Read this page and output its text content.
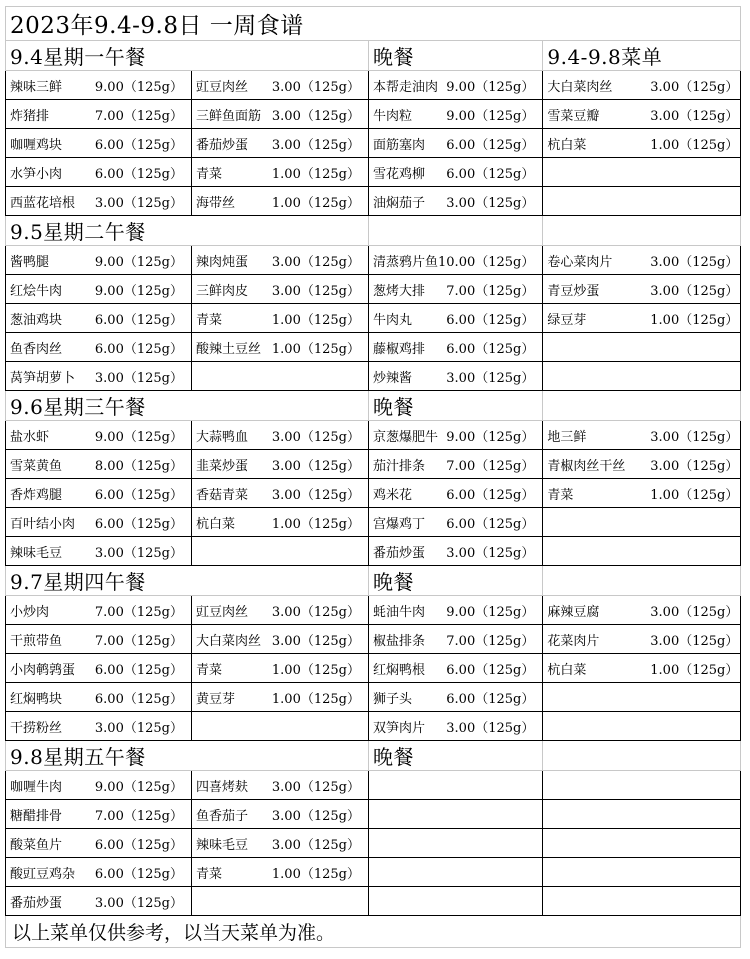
2023年9.4-9.8日 一周食谱			
9.4星期一午餐		晚餐	9.4-9.8菜单

辣味三鲜 9.00（125g）	豇豆肉丝 3.00（125g）	本帮走油肉 9.00（125g）	大白菜肉丝 3.00（125g）

炸猪排 7.00（125g）	三鲜鱼面筋 3.00（125g）	牛肉粒 9.00（125g）	雪菜豆瓣 3.00（125g）

咖喱鸡块 6.00（125g）	番茄炒蛋 3.00（125g）	面筋塞肉 6.00（125g）	杭白菜 1.00（125g）

水笋小肉 6.00（125g）	青菜 1.00（125g）	雪花鸡柳 6.00（125g）	

西蓝花培根 3.00（125g）	海带丝 1.00（125g）	油焖茄子 3.00（125g）	

9.5星期二午餐			

酱鸭腿 9.00（125g）	辣肉炖蛋 3.00（125g）	清蒸鸦片鱼 10.00（125g）	卷心菜肉片 3.00（125g）

红烩牛肉 9.00（125g）	三鲜肉皮 3.00（125g）	葱烤大排 7.00（125g）	青豆炒蛋 3.00（125g）

葱油鸡块 6.00（125g）	青菜 1.00（125g）	牛肉丸 6.00（125g）	绿豆芽 1.00（125g）

鱼香肉丝 6.00（125g）	酸辣土豆丝 1.00（125g）	藤椒鸡排 6.00（125g）	

莴笋胡萝卜 3.00（125g）		炒辣酱 3.00（125g）	

9.6星期三午餐		晚餐	

盐水虾 9.00（125g）	大蒜鸭血 3.00（125g）	京葱爆肥牛 9.00（125g）	地三鲜 3.00（125g）

雪菜黄鱼 8.00（125g）	韭菜炒蛋 3.00（125g）	茄汁排条 7.00（125g）	青椒肉丝干丝 3.00（125g）

香炸鸡腿 6.00（125g）	香菇青菜 3.00（125g）	鸡米花 6.00（125g）	青菜 1.00（125g）

百叶结小肉 6.00（125g）	杭白菜 1.00（125g）	宫爆鸡丁 6.00（125g）	

辣味毛豆 3.00（125g）		番茄炒蛋 3.00（125g）	

9.7星期四午餐		晚餐	

小炒肉 7.00（125g）	豇豆肉丝 3.00（125g）	蚝油牛肉 9.00（125g）	麻辣豆腐 3.00（125g）

干煎带鱼 7.00（125g）	大白菜肉丝 3.00（125g）	椒盐排条 7.00（125g）	花菜肉片 3.00（125g）

小肉鹌鹑蛋 6.00（125g）	青菜 1.00（125g）	红焖鸭根 6.00（125g）	杭白菜 1.00（125g）

红焖鸭块 6.00（125g）	黄豆芽 1.00（125g）	狮子头 6.00（125g）	

干捞粉丝 3.00（125g）		双笋肉片 3.00（125g）	

9.8星期五午餐		晚餐	

咖喱牛肉 9.00（125g）	四喜烤麸 3.00（125g）		

糖醋排骨 7.00（125g）	鱼香茄子 3.00（125g）		

酸菜鱼片 6.00（125g）	辣味毛豆 3.00（125g）		

酸豇豆鸡杂 6.00（125g）	青菜 1.00（125g）		

番茄炒蛋 3.00（125g）			

以上菜单仅供参考，以当天菜单为准。			
